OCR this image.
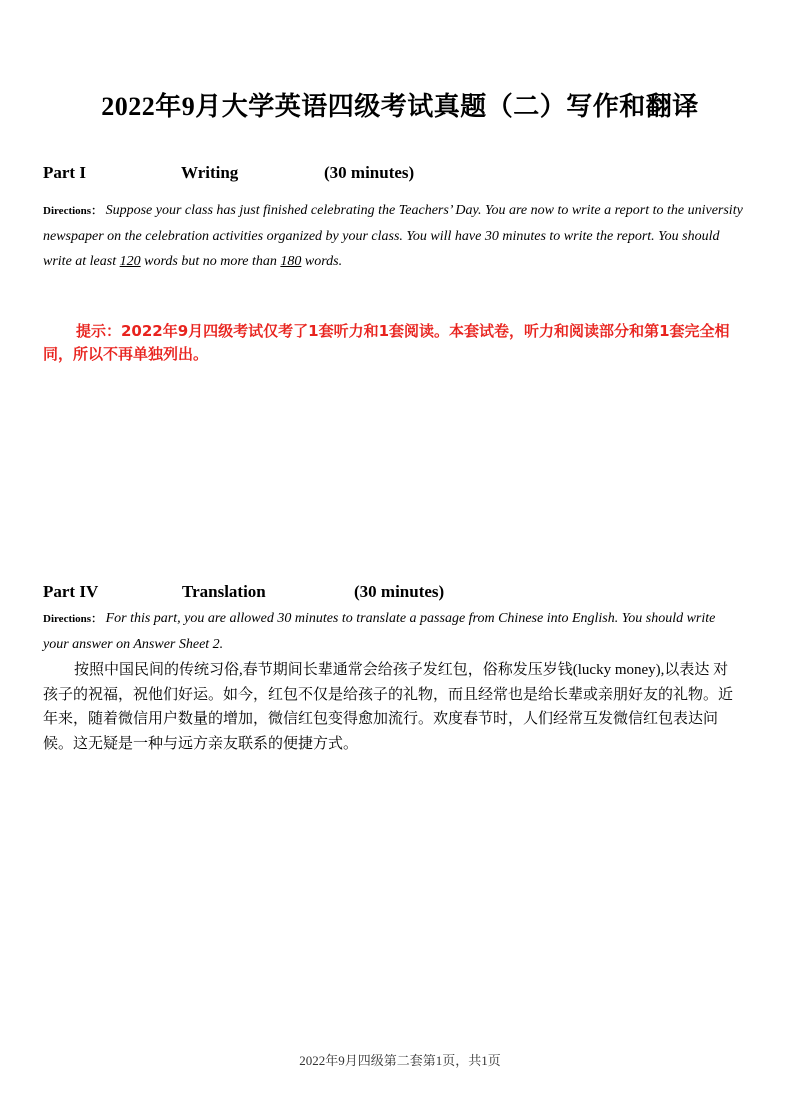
2022年9月大学英语四级考试真题（二）写作和翻译
Part I	Writing	(30 minutes)
Directions： Suppose your class has just finished celebrating the Teachers’ Day. You are now to write a report to the university newspaper on the celebration activities organized by your class. You will have 30 minutes to write the report. You should write at least 120 words but no more than 180 words.
提示：2022年9月四级考试仅考了1套听力和1套阅读。本套试卷，听力和阅读部分和第1套完全相同，所以不再单独列出。
Part IV	Translation	(30 minutes)
Directions： For this part, you are allowed 30 minutes to translate a passage from Chinese into English. You should write your answer on Answer Sheet 2.
按照中国民间的传统习俗,春节期间长辈通常会给孩子发红包，俗称发压岁钱(lucky money),以表达 对孩子的祝福，祝他们好运。如今，红包不仅是给孩子的礼物，而且经常也是给长辈或亲朋好友的礼物。近年来，随着微信用户数量的增加，微信红包变得愈加流行。欢度春节时，人们经常互发微信红包表达问候。这无疑是一种与远方亲友联系的便捷方式。
2022年9月四级第二套第1页，共1页
